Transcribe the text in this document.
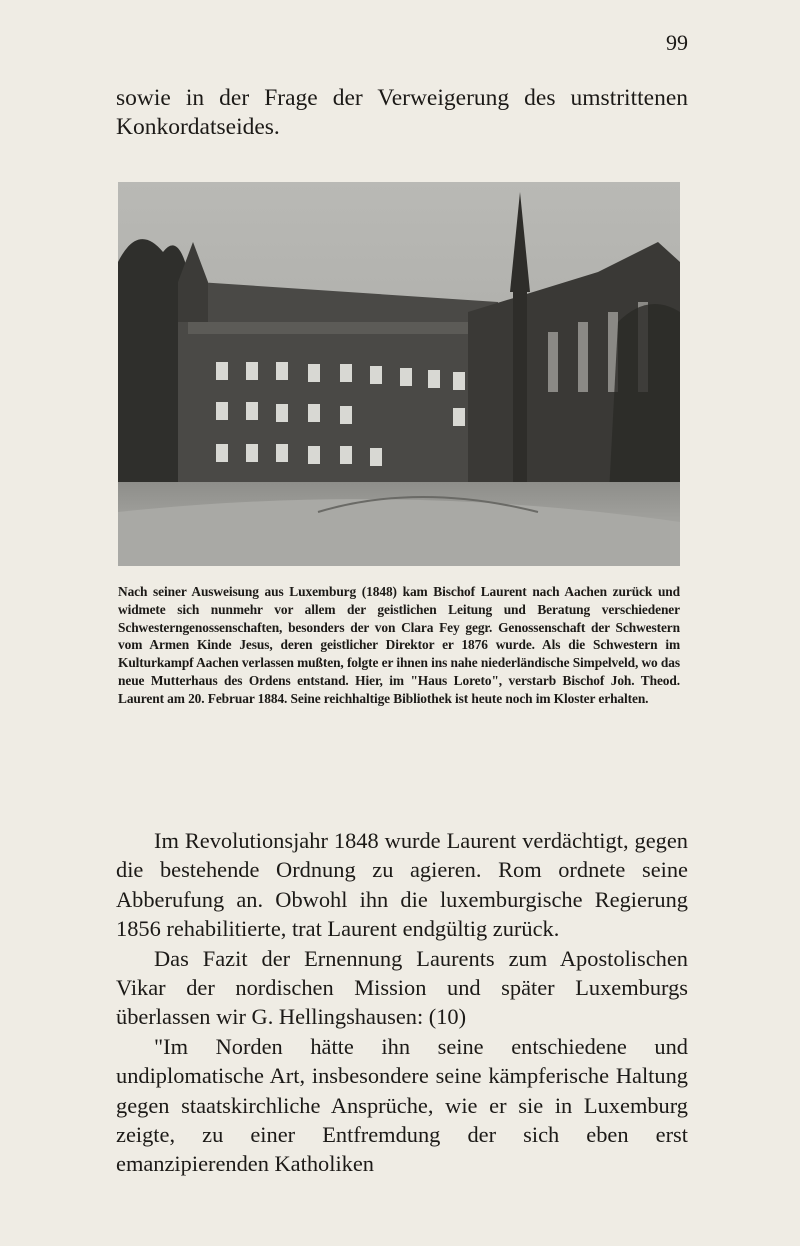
99

sowie in der Frage der Verweigerung des umstrittenen
Konkordatseides.

Nach seiner Ausweisung aus Luxemburg (1848) kam Bischof Laurent nach Aachen zurück und widmete sich nunmehr vor allem der geistlichen Leitung und Beratung verschiedener Schwesterngenossenschaften, besonders der von Clara Fey gegr. Genossenschaft der Schwestern vom Armen Kinde Jesus, deren geistlicher Direktor er 1876 wurde. Als die Schwestern im Kulturkampf Aachen verlassen mußten, folgte er ihnen ins nahe niederländische Simpelveld, wo das neue Mutterhaus des Ordens entstand. Hier, im "Haus Loreto", verstarb Bischof Joh. Theod. Laurent am 20. Februar 1884. Seine reichhaltige Bibliothek ist heute noch im Kloster erhalten.

Im Revolutionsjahr 1848 wurde Laurent verdächtigt, gegen die bestehende Ordnung zu agieren. Rom ordnete seine Abberufung an. Obwohl ihn die luxemburgische Regierung 1856 rehabilitierte, trat Laurent endgültig zurück.

Das Fazit der Ernennung Laurents zum Apostolischen Vikar der nordischen Mission und später Luxemburgs überlassen wir G. Hellingshausen: (10)

"Im Norden hätte ihn seine entschiedene und undiplomatische Art, insbesondere seine kämpferische Haltung gegen staatskirchliche Ansprüche, wie er sie in Luxemburg zeigte, zu einer Entfremdung der sich eben erst emanzipierenden Katholiken
